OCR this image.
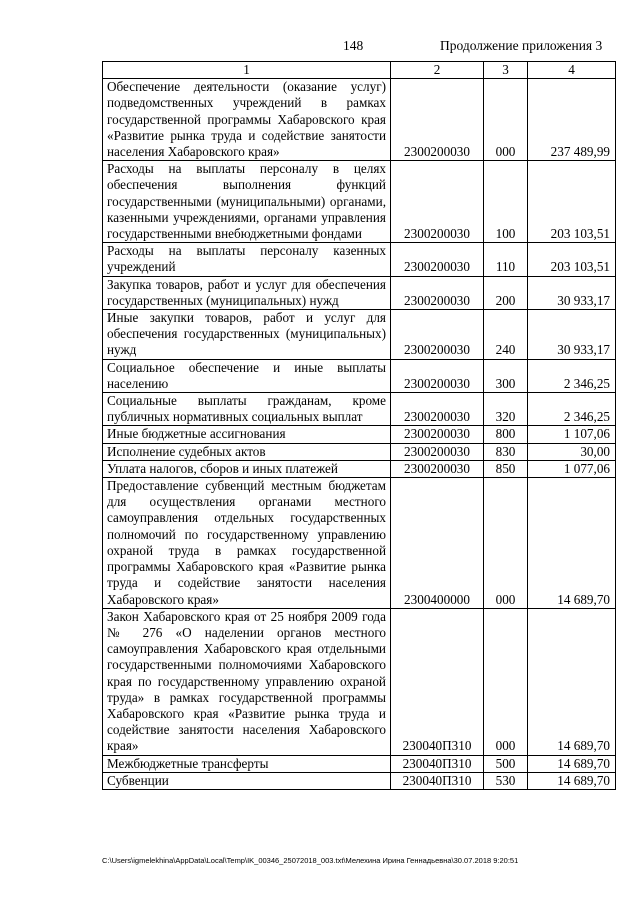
148	Продолжение приложения 3
1	2	3	4
Обеспечение деятельности (оказание услуг) подведомственных учреждений в рамках государственной программы Хабаровского края «Развитие рынка труда и содействие занятости населения Хабаровского края»	2300200030	000	237 489,99
Расходы на выплаты персоналу в целях обеспечения выполнения функций государственными (муниципальными) органами, казенными учреждениями, органами управления государственными внебюджетными фондами	2300200030	100	203 103,51
Расходы на выплаты персоналу казенных учреждений	2300200030	110	203 103,51
Закупка товаров, работ и услуг для обеспечения государственных (муниципальных) нужд	2300200030	200	30 933,17
Иные закупки товаров, работ и услуг для обеспечения государственных (муниципальных) нужд	2300200030	240	30 933,17
Социальное обеспечение и иные выплаты населению	2300200030	300	2 346,25
Социальные выплаты гражданам, кроме публичных нормативных социальных выплат	2300200030	320	2 346,25
Иные бюджетные ассигнования	2300200030	800	1 107,06
Исполнение судебных актов	2300200030	830	30,00
Уплата налогов, сборов и иных платежей	2300200030	850	1 077,06
Предоставление субвенций местным бюджетам для осуществления органами местного самоуправления отдельных государственных полномочий по государственному управлению охраной труда в рамках государственной программы Хабаровского края «Развитие рынка труда и содействие занятости населения Хабаровского края»	2300400000	000	14 689,70
Закон Хабаровского края от 25 ноября 2009 года № 276 «О наделении органов местного самоуправления Хабаровского края отдельными государственными полномочиями Хабаровского края по государственному управлению охраной труда» в рамках государственной программы Хабаровского края «Развитие рынка труда и содействие занятости населения Хабаровского края»	230040П310	000	14 689,70
Межбюджетные трансферты	230040П310	500	14 689,70
Субвенции	230040П310	530	14 689,70
C:\Users\igmelekhina\AppData\Local\Temp\IK_00346_25072018_003.txt\Мелехина Ирина Геннадьевна\30.07.2018 9:20:51
